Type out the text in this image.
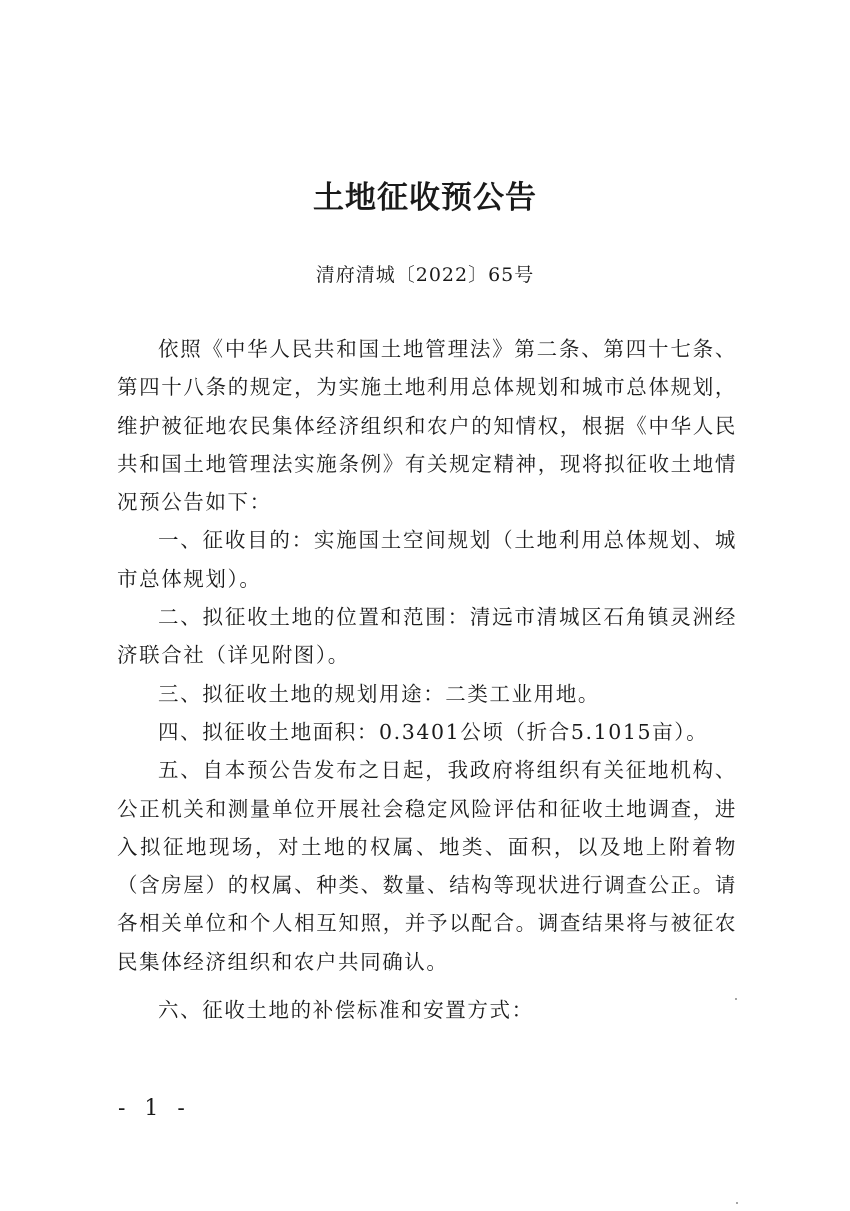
土地征收预公告
清府清城〔2022〕65号

依照《中华人民共和国土地管理法》第二条、第四十七条、第四十八条的规定，为实施土地利用总体规划和城市总体规划，维护被征地农民集体经济组织和农户的知情权，根据《中华人民共和国土地管理法实施条例》有关规定精神，现将拟征收土地情况预公告如下：

一、征收目的：实施国土空间规划（土地利用总体规划、城市总体规划）。

二、拟征收土地的位置和范围：清远市清城区石角镇灵洲经济联合社（详见附图）。

三、拟征收土地的规划用途：二类工业用地。

四、拟征收土地面积：0.3401公顷（折合5.1015亩）。

五、自本预公告发布之日起，我政府将组织有关征地机构、公正机关和测量单位开展社会稳定风险评估和征收土地调查，进入拟征地现场，对土地的权属、地类、面积，以及地上附着物（含房屋）的权属、种类、数量、结构等现状进行调查公正。请各相关单位和个人相互知照，并予以配合。调查结果将与被征农民集体经济组织和农户共同确认。

六、征收土地的补偿标准和安置方式：

- 1 -
